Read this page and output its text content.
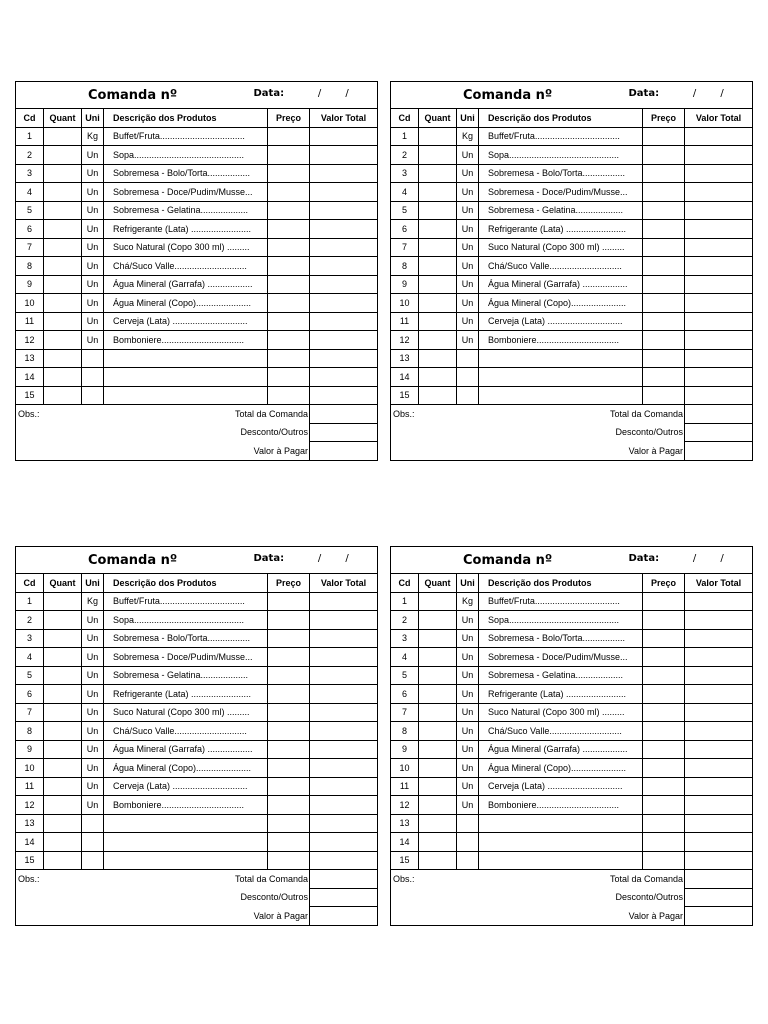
Comanda nº Data: / /					

Cd	Quant	Uni	Descrição dos Produtos	Preço	Valor Total
1		Kg	Buffet/Fruta..................................		
2		Un	Sopa............................................		
3		Un	Sobremesa - Bolo/Torta.................		
4		Un	Sobremesa - Doce/Pudim/Musse...		
5		Un	Sobremesa - Gelatina...................		
6		Un	Refrigerante (Lata) ........................		
7		Un	Suco Natural (Copo 300 ml) .........		
8		Un	Chá/Suco Valle.............................		
9		Un	Água Mineral (Garrafa) ..................		
10		Un	Água Mineral (Copo)......................		
11		Un	Cerveja (Lata) ..............................		
12		Un	Bomboniere.................................		
13					
14					
15					
Obs.:			Total da Comanda		
			Desconto/Outros		
			Valor à Pagar		
Comanda nº Data: / /					

Cd	Quant	Uni	Descrição dos Produtos	Preço	Valor Total
1		Kg	Buffet/Fruta..................................		
2		Un	Sopa............................................		
3		Un	Sobremesa - Bolo/Torta.................		
4		Un	Sobremesa - Doce/Pudim/Musse...		
5		Un	Sobremesa - Gelatina...................		
6		Un	Refrigerante (Lata) ........................		
7		Un	Suco Natural (Copo 300 ml) .........		
8		Un	Chá/Suco Valle.............................		
9		Un	Água Mineral (Garrafa) ..................		
10		Un	Água Mineral (Copo)......................		
11		Un	Cerveja (Lata) ..............................		
12		Un	Bomboniere.................................		
13					
14					
15					
Obs.:			Total da Comanda		
			Desconto/Outros		
			Valor à Pagar		
Comanda nº Data: / /					

Cd	Quant	Uni	Descrição dos Produtos	Preço	Valor Total
1		Kg	Buffet/Fruta..................................		
2		Un	Sopa............................................		
3		Un	Sobremesa - Bolo/Torta.................		
4		Un	Sobremesa - Doce/Pudim/Musse...		
5		Un	Sobremesa - Gelatina...................		
6		Un	Refrigerante (Lata) ........................		
7		Un	Suco Natural (Copo 300 ml) .........		
8		Un	Chá/Suco Valle.............................		
9		Un	Água Mineral (Garrafa) ..................		
10		Un	Água Mineral (Copo)......................		
11		Un	Cerveja (Lata) ..............................		
12		Un	Bomboniere.................................		
13					
14					
15					
Obs.:			Total da Comanda		
			Desconto/Outros		
			Valor à Pagar		
Comanda nº Data: / /					

Cd	Quant	Uni	Descrição dos Produtos	Preço	Valor Total
1		Kg	Buffet/Fruta..................................		
2		Un	Sopa............................................		
3		Un	Sobremesa - Bolo/Torta.................		
4		Un	Sobremesa - Doce/Pudim/Musse...		
5		Un	Sobremesa - Gelatina...................		
6		Un	Refrigerante (Lata) ........................		
7		Un	Suco Natural (Copo 300 ml) .........		
8		Un	Chá/Suco Valle.............................		
9		Un	Água Mineral (Garrafa) ..................		
10		Un	Água Mineral (Copo)......................		
11		Un	Cerveja (Lata) ..............................		
12		Un	Bomboniere.................................		
13					
14					
15					
Obs.:			Total da Comanda		
			Desconto/Outros		
			Valor à Pagar		
